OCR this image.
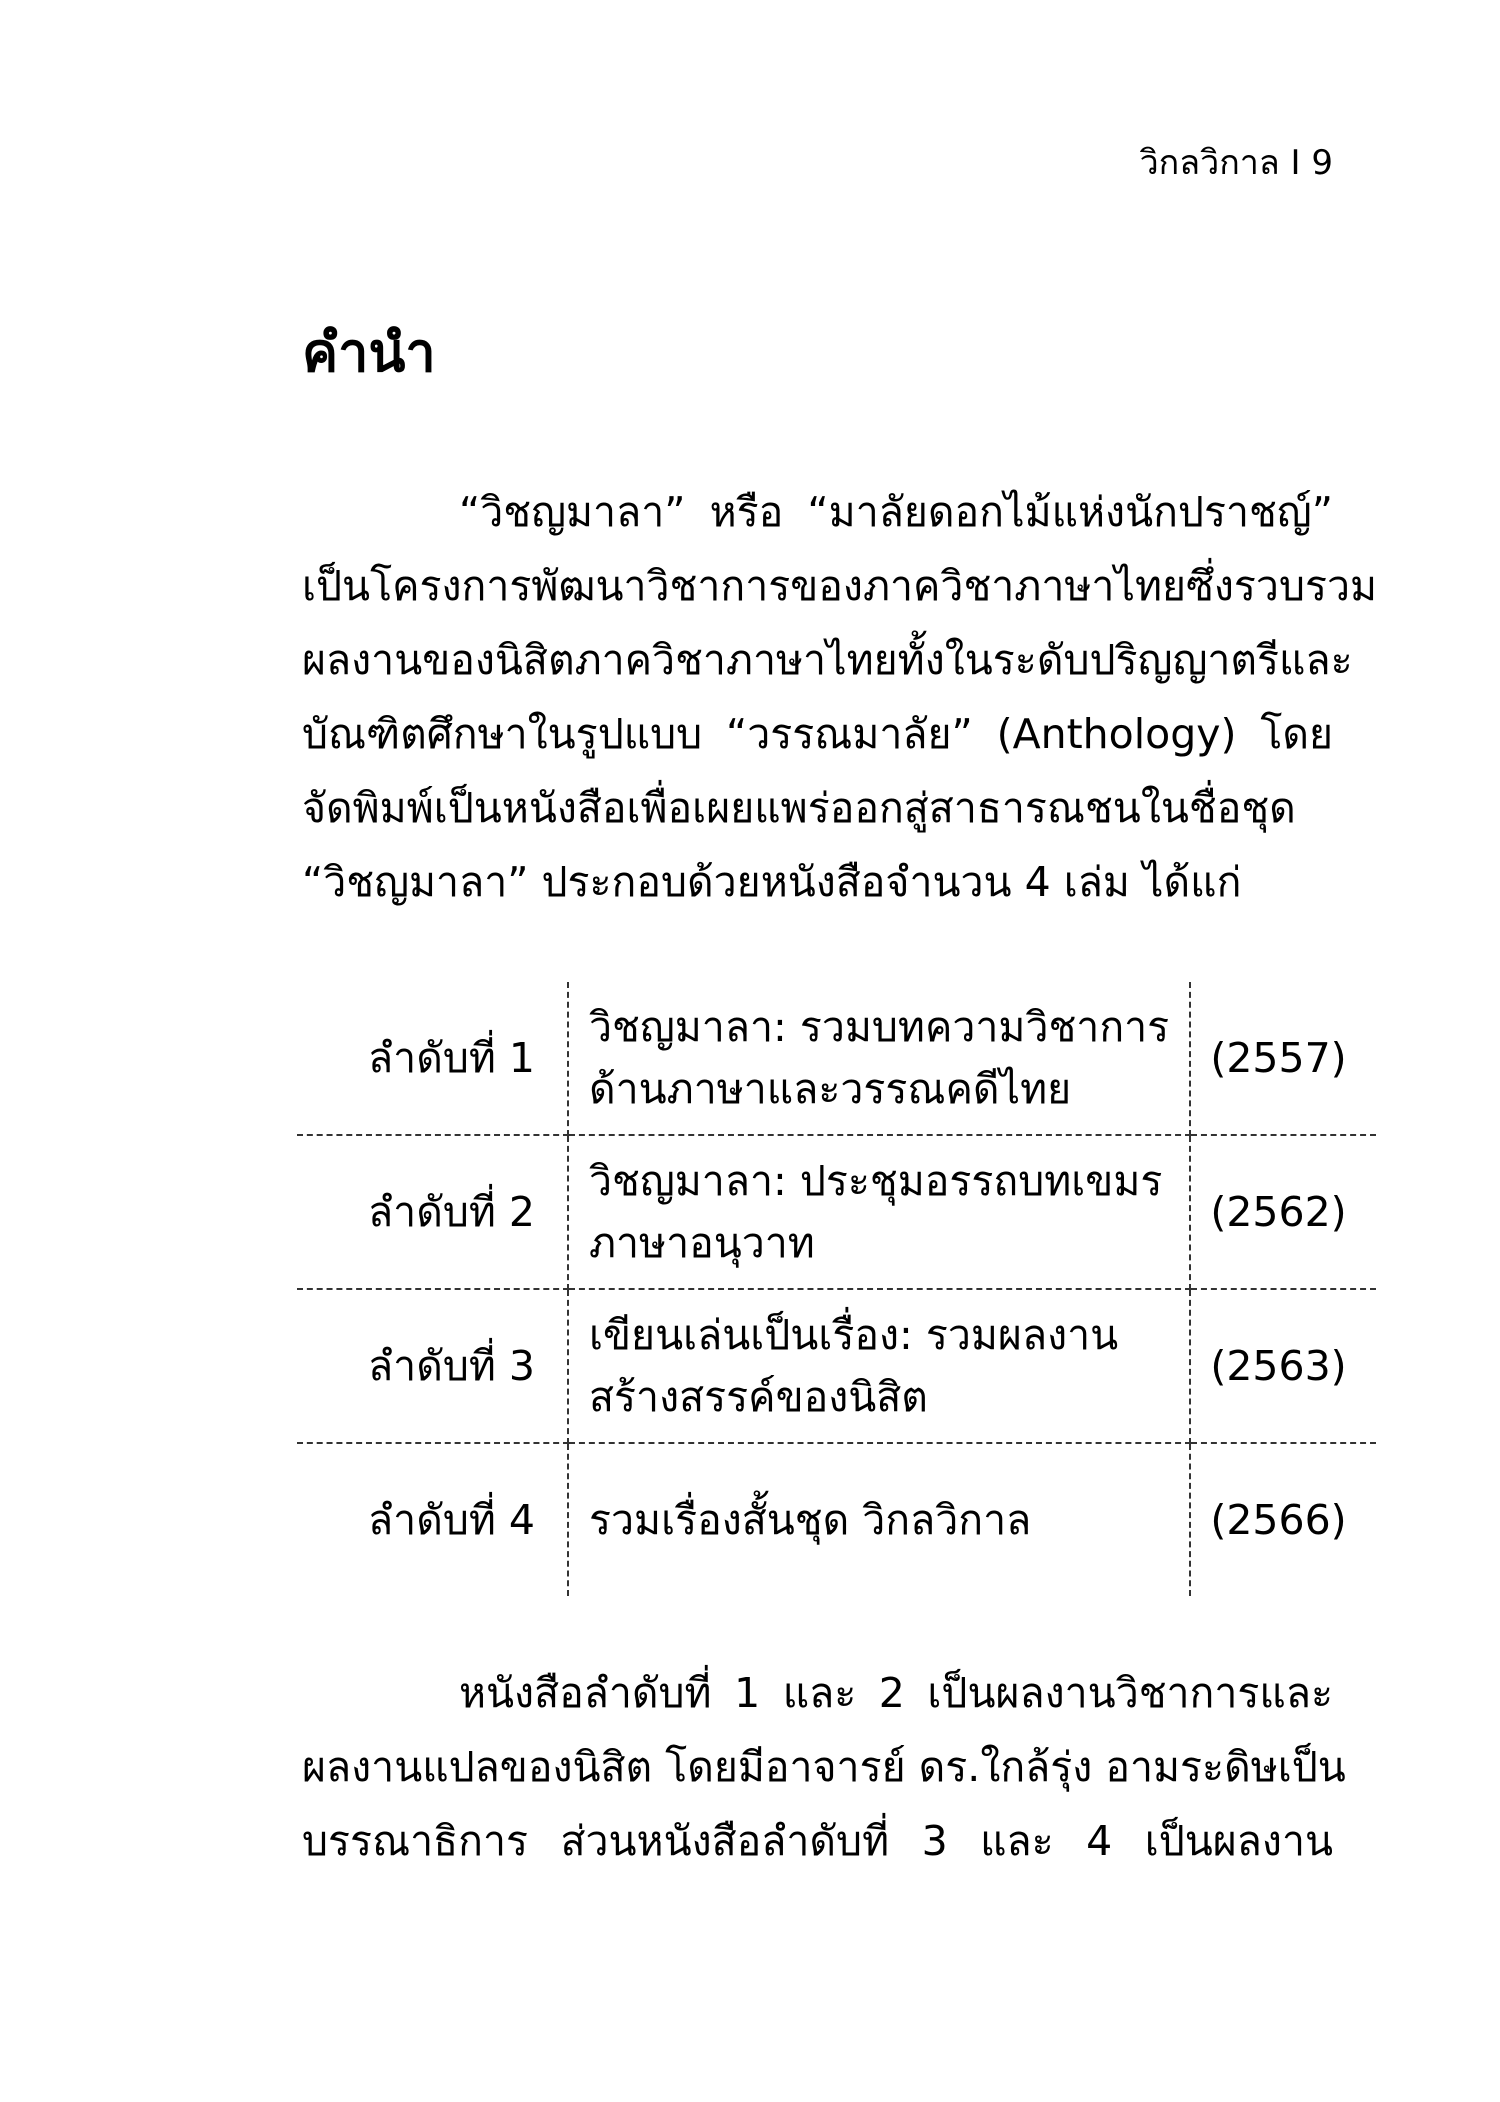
วิกลวิกาล I 9
คำนำ

“วิชญมาลา” หรือ “มาลัยดอกไม้แห่งนักปราชญ์”
เป็นโครงการพัฒนาวิชาการของภาควิชาภาษาไทยซึ่งรวบรวม
ผลงานของนิสิตภาควิชาภาษาไทยทั้งในระดับปริญญาตรีและ
บัณฑิตศึกษาในรูปแบบ “วรรณมาลัย” (Anthology) โดย
จัดพิมพ์เป็นหนังสือเพื่อเผยแพร่ออกสู่สาธารณชนในชื่อชุด
“วิชญมาลา” ประกอบด้วยหนังสือจำนวน 4 เล่ม ได้แก่

ลำดับที่ 1	วิชญมาลา: รวมบทความวิชาการ
ด้านภาษาและวรรณคดีไทย	(2557)
ลำดับที่ 2	วิชญมาลา: ประชุมอรรถบทเขมร
ภาษาอนุวาท	(2562)
ลำดับที่ 3	เขียนเล่นเป็นเรื่อง: รวมผลงาน
สร้างสรรค์ของนิสิต	(2563)
ลำดับที่ 4	รวมเรื่องสั้นชุด วิกลวิกาล	(2566)

หนังสือลำดับที่ 1 และ 2 เป็นผลงานวิชาการและ
ผลงานแปลของนิสิต โดยมีอาจารย์ ดร.ใกล้รุ่ง อามระดิษเป็น
บรรณาธิการ ส่วนหนังสือลำดับที่ 3 และ 4 เป็นผลงาน
